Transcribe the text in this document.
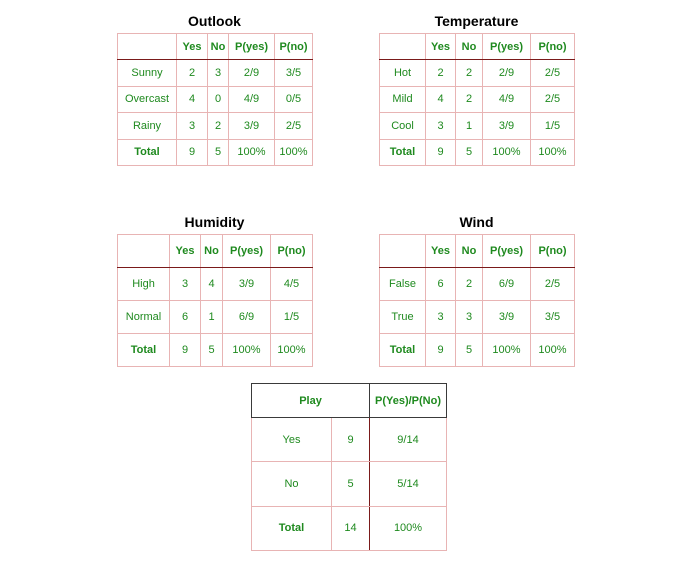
Outlook
	Yes	No	P(yes)	P(no)
Sunny	2	3	2/9	3/5
Overcast	4	0	4/9	0/5
Rainy	3	2	3/9	2/5
Total	9	5	100%	100%
Temperature
	Yes	No	P(yes)	P(no)
Hot	2	2	2/9	2/5
Mild	4	2	4/9	2/5
Cool	3	1	3/9	1/5
Total	9	5	100%	100%
Humidity
	Yes	No	P(yes)	P(no)
High	3	4	3/9	4/5
Normal	6	1	6/9	1/5
Total	9	5	100%	100%
Wind
	Yes	No	P(yes)	P(no)
False	6	2	6/9	2/5
True	3	3	3/9	3/5
Total	9	5	100%	100%
Play		P(Yes)/P(No)
Yes	9	9/14
No	5	5/14
Total	14	100%
